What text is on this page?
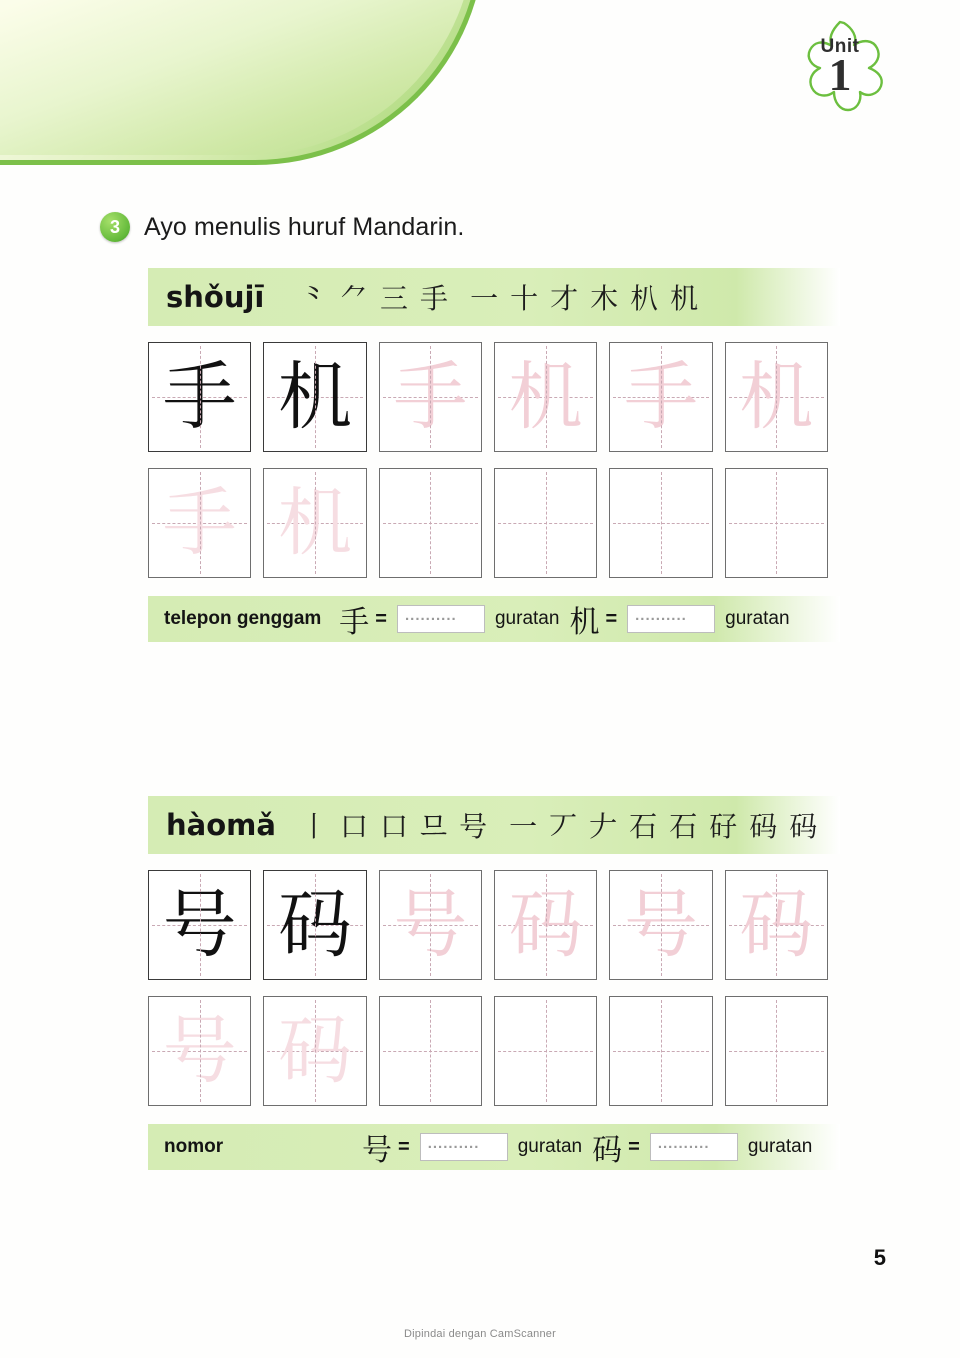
Unit
1
3 Ayo menulis huruf Mandarin.
shǒujī	⺀ ⺈ 三 手 一 十 才 木 朳 机
手 机 手 机 手 机
手 机
telepon genggam 手 = .....	guratan 机 = .....	guratan
hàomǎ 丨 口 口 므 号 一 丆 𠂇 石 石 矷 码 码
号 码 号 码 号 码
号 码
nomor	号 = .....	guratan 码 = .....	guratan
5
Dipindai dengan CamScanner
